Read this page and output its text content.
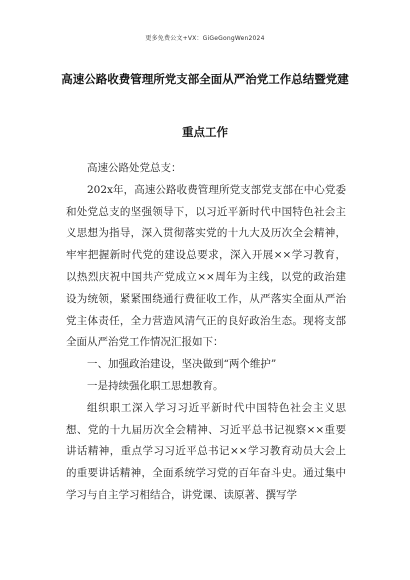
更多免费公文+VX：GiGeGongWen2024
高速公路收费管理所党支部全面从严治党工作总结暨党建
重点工作

高速公路处党总支：

202x年，高速公路收费管理所党支部党支部在中心党委和处党总支的坚强领导下，以习近平新时代中国特色社会主义思想为指导，深入贯彻落实党的十九大及历次全会精神，牢牢把握新时代党的建设总要求，深入开展××学习教育，以热烈庆祝中国共产党成立××周年为主线，以党的政治建设为统领，紧紧围绕通行费征收工作，从严落实全面从严治党主体责任，全力营造风清气正的良好政治生态。现将支部全面从严治党工作情况汇报如下：

一、加强政治建设，坚决做到“两个维护”

一是持续强化职工思想教育。

组织职工深入学习习近平新时代中国特色社会主义思想、党的十九届历次全会精神、习近平总书记视察××重要讲话精神，重点学习习近平总书记××学习教育动员大会上的重要讲话精神，全面系统学习党的百年奋斗史。通过集中学习与自主学习相结合，讲党课、读原著、撰写学
